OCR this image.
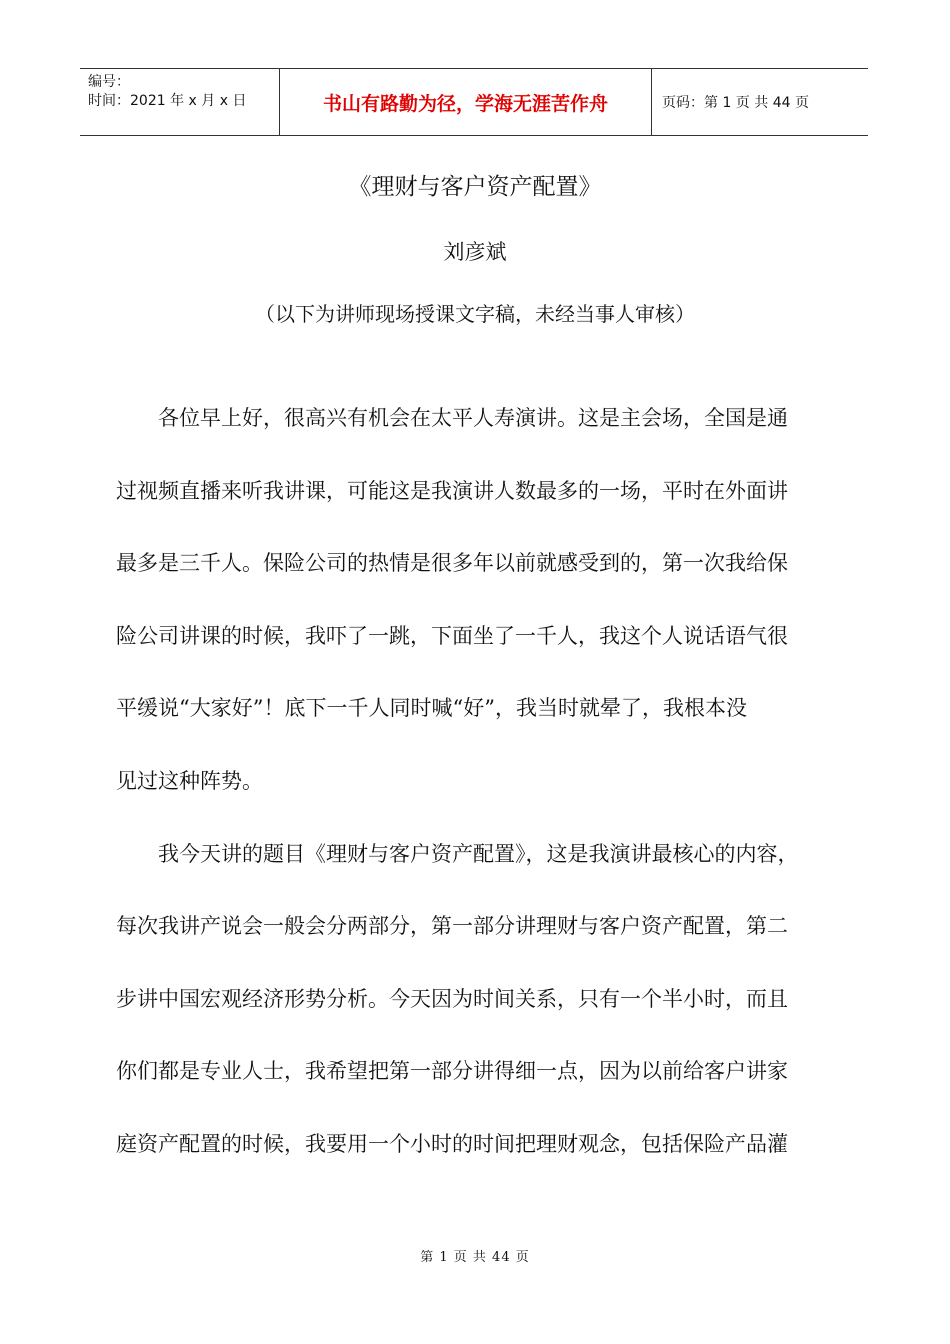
编号：
时间：2021 年 x 月 x 日	书山有路勤为径，学海无涯苦作舟	页码：第 1 页 共 44 页
《理财与客户资产配置》
刘彦斌
（以下为讲师现场授课文字稿，未经当事人审核）

各位早上好，很高兴有机会在太平人寿演讲。这是主会场，全国是通
过视频直播来听我讲课，可能这是我演讲人数最多的一场，平时在外面讲
最多是三千人。保险公司的热情是很多年以前就感受到的，第一次我给保
险公司讲课的时候，我吓了一跳，下面坐了一千人，我这个人说话语气很
平缓说“大家好”！底下一千人同时喊“好”，我当时就晕了，我根本没
见过这种阵势。

我今天讲的题目《理财与客户资产配置》，这是我演讲最核心的内容，
每次我讲产说会一般会分两部分，第一部分讲理财与客户资产配置，第二
步讲中国宏观经济形势分析。今天因为时间关系，只有一个半小时，而且
你们都是专业人士，我希望把第一部分讲得细一点，因为以前给客户讲家
庭资产配置的时候，我要用一个小时的时间把理财观念，包括保险产品灌

第 1 页 共 44 页
